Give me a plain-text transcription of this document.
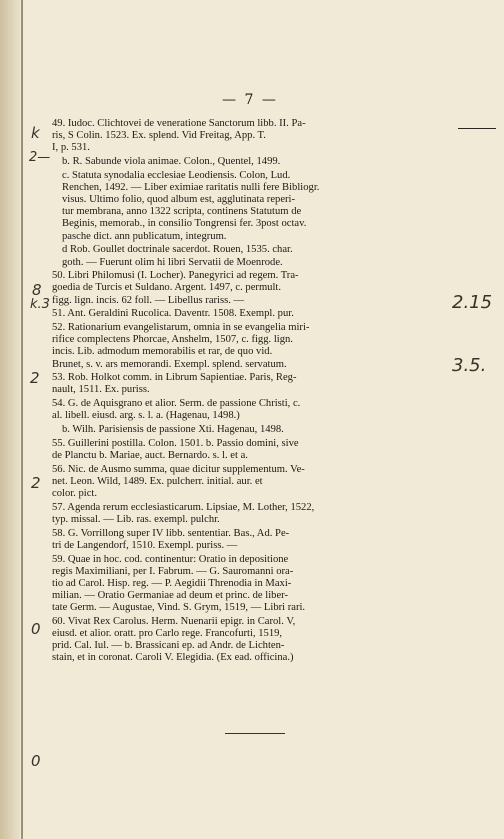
— 7 —
k
2—
8
k.3
2
2
0
0
2.15
3.5.
49. Iudoc. Clichtovei de veneratione Sanctorum libb. II. Pa-
ris, S Colin. 1523. Ex. splend. Vid Freitag, App. T.
I, p. 531.
b. R. Sabunde viola animae. Colon., Quentel, 1499.
c. Statuta synodalia ecclesiae Leodiensis. Colon, Lud.
Renchen, 1492. — Liber eximiae raritatis nulli fere Bibliogr.
visus. Ultimo folio, quod album est, agglutinata reperi-
tur membrana, anno 1322 scripta, continens Statutum de
Beginis, memorab., in consilio Tongrensi fer. 3post octav.
pasche dict. ann publicatum, integrum.
d Rob. Goullet doctrinale sacerdot. Rouen, 1535. char.
goth. — Fuerunt olim hi libri Servatii de Moenrode.
50. Libri Philomusi (I. Locher). Panegyrici ad regem. Tra-
goedia de Turcis et Suldano. Argent. 1497, c. permult.
figg. lign. incis. 62 foll. — Libellus rariss. —
51. Ant. Geraldini Rucolica. Daventr. 1508. Exempl. pur.
52. Rationarium evangelistarum, omnia in se evangelia miri-
rifice complectens Phorcae, Anshelm, 1507, c. figg. lign.
incis. Lib. admodum memorabilis et rar, de quo vid.
Brunet, s. v. ars memorandi. Exempl. splend. servatum.
53. Rob. Holkot comm. in Librum Sapientiae. Paris, Reg-
nault, 1511. Ex. puriss.
54. G. de Aquisgrano et alior. Serm. de passione Christi, c.
al. libell. eiusd. arg. s. l. a. (Hagenau, 1498.)
b. Wilh. Parisiensis de passione Xti. Hagenau, 1498.
55. Guillerini postilla. Colon. 1501. b. Passio domini, sive
de Planctu b. Mariae, auct. Bernardo. s. l. et a.
56. Nic. de Ausmo summa, quae dicitur supplementum. Ve-
net. Leon. Wild, 1489. Ex. pulcherr. initial. aur. et
color. pict.
57. Agenda rerum ecclesiasticarum. Lipsiae, M. Lother, 1522,
typ. missal. — Lib. ras. exempl. pulchr.
58. G. Vorrillong super IV libb. sententiar. Bas., Ad. Pe-
tri de Langendorf, 1510. Exempl. puriss. —
59. Quae in hoc. cod. continentur: Oratio in depositione
regis Maximiliani, per I. Fabrum. — G. Sauromanni ora-
tio ad Carol. Hisp. reg. — P. Aegidii Threnodia in Maxi-
milian. — Oratio Germaniae ad deum et princ. de liber-
tate Germ. — Augustae, Vind. S. Grym, 1519, — Libri rari.
60. Vivat Rex Carolus. Herm. Nuenarii epigr. in Carol. V,
eiusd. et alior. oratt. pro Carlo rege. Francofurti, 1519,
prid. Cal. Iul. — b. Brassicani ep. ad Andr. de Lichten-
stain, et in coronat. Caroli V. Elegidia. (Ex ead. officina.)
